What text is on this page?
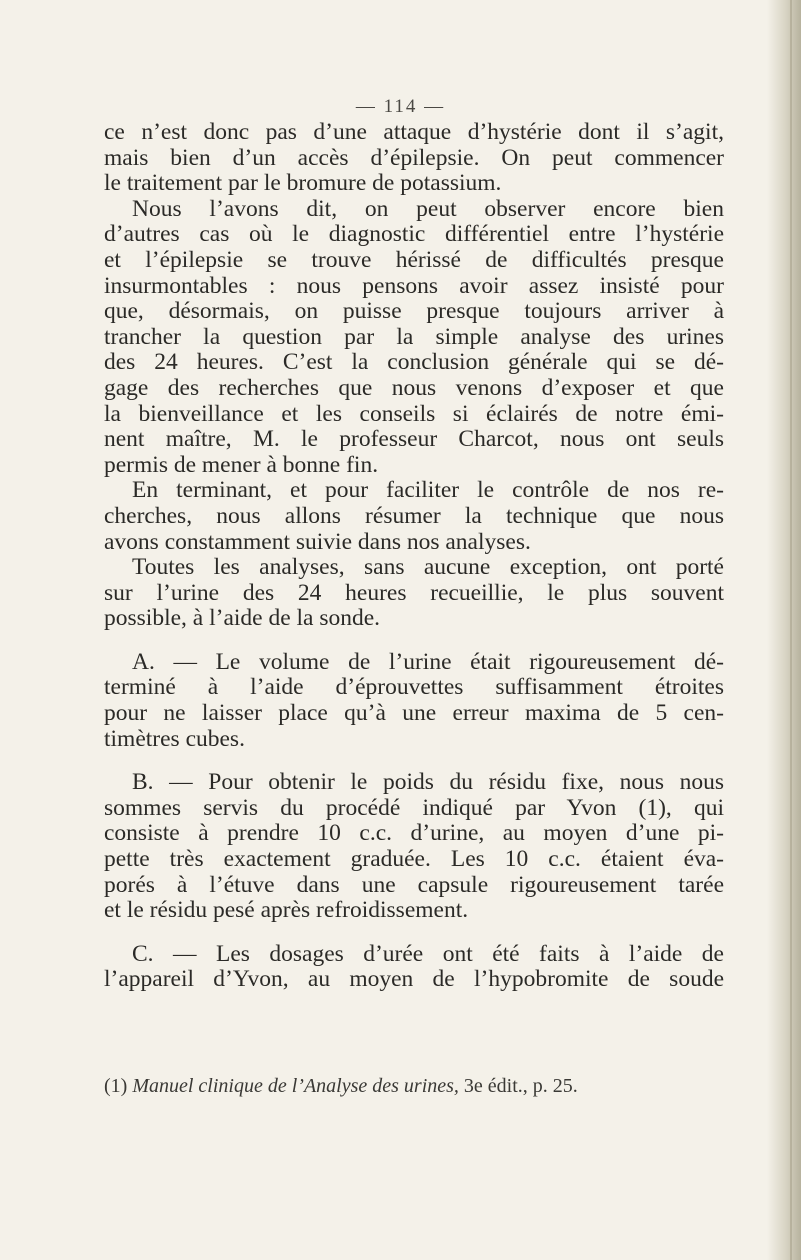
— 114 —
ce n’est donc pas d’une attaque d’hystérie dont il s’agit,
mais bien d’un accès d’épilepsie. On peut commencer
le traitement par le bromure de potassium.
Nous l’avons dit, on peut observer encore bien
d’autres cas où le diagnostic différentiel entre l’hystérie
et l’épilepsie se trouve hérissé de difficultés presque
insurmontables : nous pensons avoir assez insisté pour
que, désormais, on puisse presque toujours arriver à
trancher la question par la simple analyse des urines
des 24 heures. C’est la conclusion générale qui se dé-
gage des recherches que nous venons d’exposer et que
la bienveillance et les conseils si éclairés de notre émi-
nent maître, M. le professeur Charcot, nous ont seuls
permis de mener à bonne fin.
En terminant, et pour faciliter le contrôle de nos re-
cherches, nous allons résumer la technique que nous
avons constamment suivie dans nos analyses.
Toutes les analyses, sans aucune exception, ont porté
sur l’urine des 24 heures recueillie, le plus souvent
possible, à l’aide de la sonde.
A. — Le volume de l’urine était rigoureusement dé-
terminé à l’aide d’éprouvettes suffisamment étroites
pour ne laisser place qu’à une erreur maxima de 5 cen-
timètres cubes.
B. — Pour obtenir le poids du résidu fixe, nous nous
sommes servis du procédé indiqué par Yvon (1), qui
consiste à prendre 10 c.c. d’urine, au moyen d’une pi-
pette très exactement graduée. Les 10 c.c. étaient éva-
porés à l’étuve dans une capsule rigoureusement tarée
et le résidu pesé après refroidissement.
C. — Les dosages d’urée ont été faits à l’aide de
l’appareil d’Yvon, au moyen de l’hypobromite de soude
(1) Manuel clinique de l’Analyse des urines, 3e édit., p. 25.
